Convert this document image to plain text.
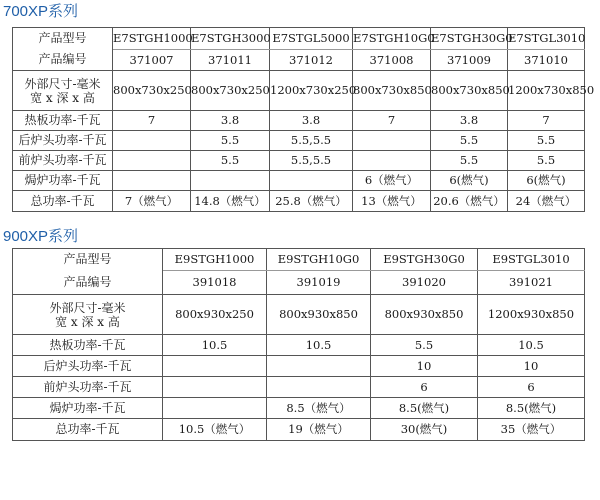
700XP系列
产品型号	E7STGH1000	E7STGH3000	E7STGL5000	E7STGH10G0	E7STGH30G0	E7STGL3010
产品编号	371007	371011	371012	371008	371009	371010

外部尺寸-毫米
宽 x 深 x 高	800x730x250	800x730x250	1200x730x250	800x730x850	800x730x850	1200x730x850
热板功率-千瓦	7	3.8	3.8	7	3.8	7
后炉头功率-千瓦		5.5	5.5,5.5		5.5	5.5
前炉头功率-千瓦		5.5	5.5,5.5		5.5	5.5
焗炉功率-千瓦				6（燃气）	6(燃气)	6(燃气)
总功率-千瓦	7（燃气）	14.8（燃气）	25.8（燃气）	13（燃气）	20.6（燃气）	24（燃气）
900XP系列
产品型号	E9STGH1000	E9STGH10G0	E9STGH30G0	E9STGL3010
产品编号	391018	391019	391020	391021

外部尺寸-毫米
宽 x 深 x 高	800x930x250	800x930x850	800x930x850	1200x930x850
热板功率-千瓦	10.5	10.5	5.5	10.5
后炉头功率-千瓦			10	10
前炉头功率-千瓦			6	6
焗炉功率-千瓦		8.5（燃气）	8.5(燃气)	8.5(燃气)
总功率-千瓦	10.5（燃气）	19（燃气）	30(燃气)	35（燃气）
